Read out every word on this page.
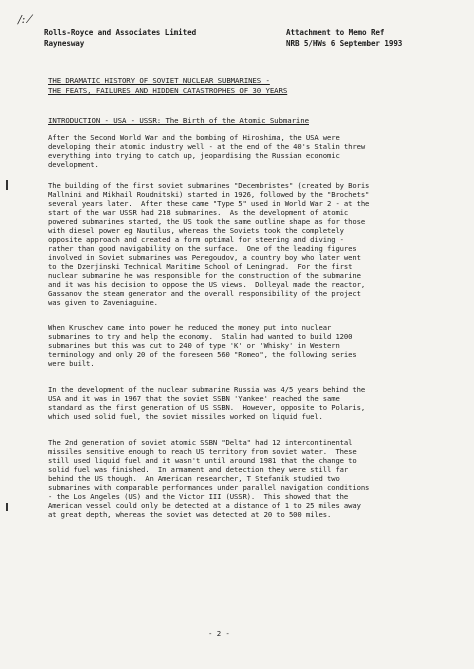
/: ⁄
Rolls-Royce and Associates Limited
Raynesway
Attachment to Memo Ref
NRB 5/HWs 6 September 1993
THE DRAMATIC HISTORY OF SOVIET NUCLEAR SUBMARINES -
THE FEATS, FAILURES AND HIDDEN CATASTROPHES OF 30 YEARS
INTRODUCTION - USA - USSR: The Birth of the Atomic Submarine
After the Second World War and the bombing of Hiroshima, the USA were
developing their atomic industry well - at the end of the 40's Stalin threw
everything into trying to catch up, jeopardising the Russian economic
development.
The building of the first soviet submarines "Decembristes" (created by Boris
Mallnini and Mikhail Roudnitski) started in 1926, followed by the "Brochets"
several years later.  After these came "Type 5" used in World War 2 - at the
start of the war USSR had 218 submarines.  As the development of atomic
powered submarines started, the US took the same outline shape as for those
with diesel power eg Nautilus, whereas the Soviets took the completely
opposite approach and created a form optimal for steering and diving -
rather than good navigability on the surface.  One of the leading figures
involved in Soviet submarines was Peregoudov, a country boy who later went
to the Dzerjinski Technical Maritime School of Leningrad.  For the first
nuclear submarine he was responsible for the construction of the submarine
and it was his decision to oppose the US views.  Dolleyal made the reactor,
Gassanov the steam generator and the overall responsibility of the project
was given to Zaveniaguine.
When Kruschev came into power he reduced the money put into nuclear
submarines to try and help the economy.  Stalin had wanted to build 1200
submarines but this was cut to 240 of type 'K' or 'Whisky' in Western
terminology and only 20 of the foreseen 560 "Romeo", the following series
were built.
In the development of the nuclear submarine Russia was 4/5 years behind the
USA and it was in 1967 that the soviet SSBN 'Yankee' reached the same
standard as the first generation of US SSBN.  However, opposite to Polaris,
which used solid fuel, the soviet missiles worked on liquid fuel.
The 2nd generation of soviet atomic SSBN "Delta" had 12 intercontinental
missiles sensitive enough to reach US territory from soviet water.  These
still used liquid fuel and it wasn't until around 1981 that the change to
solid fuel was finished.  In armament and detection they were still far
behind the US though.  An American researcher, T Stefanik studied two
submarines with comparable performances under parallel navigation conditions
- the Los Angeles (US) and the Victor III (USSR).  This showed that the
American vessel could only be detected at a distance of 1 to 25 miles away
at great depth, whereas the soviet was detected at 20 to 500 miles.
- 2 -
